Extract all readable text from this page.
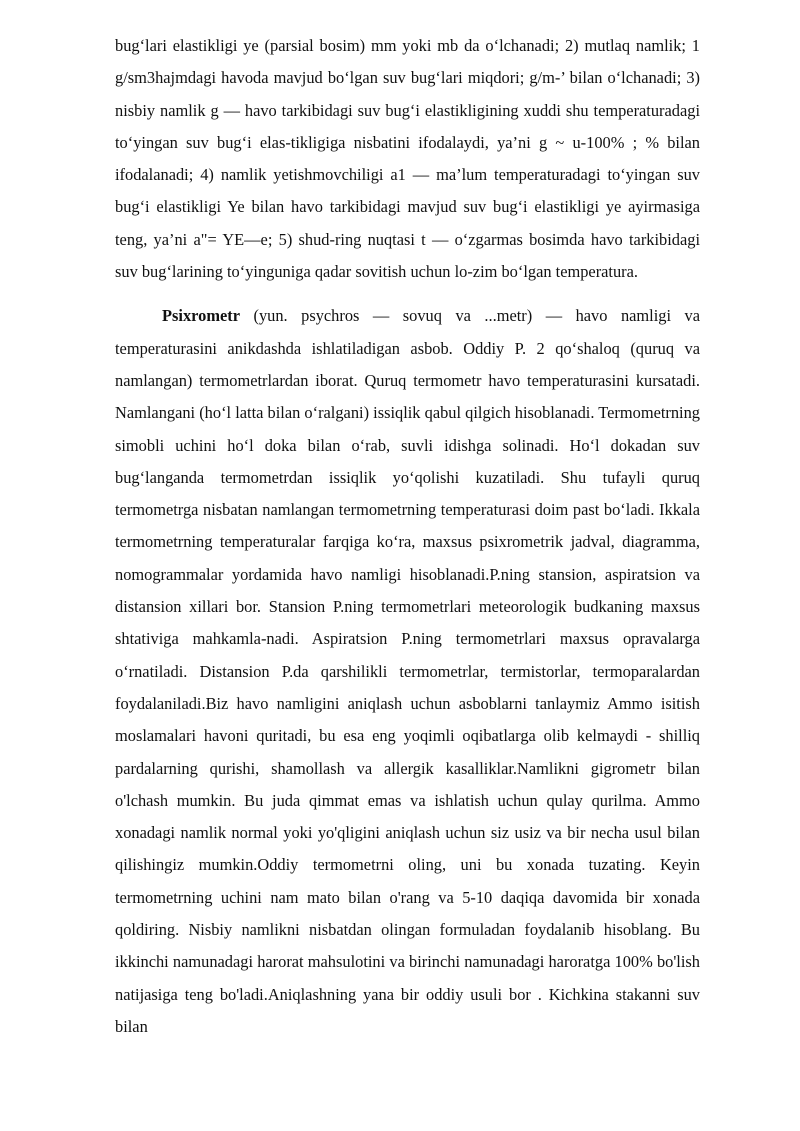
bug‘lari elastikligi ye (parsial bosim) mm yoki mb da o‘lchanadi; 2) mutlaq namlik; 1 g/sm3hajmdagi havoda mavjud bo‘lgan suv bug‘lari miqdori; g/m-’ bilan o‘lchanadi; 3) nisbiy namlik g — havo tarkibidagi suv bug‘i elastikligining xuddi shu temperaturadagi to‘yingan suv bug‘i elas-tikligiga nisbatini ifodalaydi, ya’ni g ~ u-100% ; % bilan ifodalanadi; 4) namlik yetishmovchiligi a1 — ma’lum temperaturadagi to‘yingan suv bug‘i elastikligi Ye bilan havo tarkibidagi mavjud suv bug‘i elastikligi ye ayirmasiga teng, ya’ni a"= YE—e; 5) shud-ring nuqtasi t — o‘zgarmas bosimda havo tarkibidagi suv bug‘larining to‘yinguniga qadar sovitish uchun lo-zim bo‘lgan temperatura.

Psixrometr (yun. psychros — sovuq va ...metr) — havo namligi va temperaturasini anikdashda ishlatiladigan asbob. Oddiy P. 2 qo‘shaloq (quruq va namlangan) termometrlardan iborat. Quruq termometr havo temperaturasini kursatadi. Namlangani (ho‘l latta bilan o‘ralgani) issiqlik qabul qilgich hisoblanadi. Termometrning simobli uchini ho‘l doka bilan o‘rab, suvli idishga solinadi. Ho‘l dokadan suv bug‘langanda termometrdan issiqlik yo‘qolishi kuzatiladi. Shu tufayli quruq termometrga nisbatan namlangan termometrning temperaturasi doim past bo‘ladi. Ikkala termometrning temperaturalar farqiga ko‘ra, maxsus psixrometrik jadval, diagramma, nomogrammalar yordamida havo namligi hisoblanadi.P.ning stansion, aspiratsion va distansion xillari bor. Stansion P.ning termometrlari meteorologik budkaning maxsus shtativiga mahkamla-nadi. Aspiratsion P.ning termometrlari maxsus opravalarga o‘rnatiladi. Distansion P.da qarshilikli termometrlar, termistorlar, termoparalardan foydalaniladi.Biz havo namligini aniqlash uchun asboblarni tanlaymiz Ammo isitish moslamalari havoni quritadi, bu esa eng yoqimli oqibatlarga olib kelmaydi - shilliq pardalarning qurishi, shamollash va allergik kasalliklar.Namlikni gigrometr bilan o'lchash mumkin. Bu juda qimmat emas va ishlatish uchun qulay qurilma. Ammo xonadagi namlik normal yoki yo'qligini aniqlash uchun siz usiz va bir necha usul bilan qilishingiz mumkin.Oddiy termometrni oling, uni bu xonada tuzating. Keyin termometrning uchini nam mato bilan o'rang va 5-10 daqiqa davomida bir xonada qoldiring. Nisbiy namlikni nisbatdan olingan formuladan foydalanib hisoblang. Bu ikkinchi namunadagi harorat mahsulotini va birinchi namunadagi haroratga 100% bo'lish natijasiga teng bo'ladi.Aniqlashning yana bir oddiy usuli bor . Kichkina stakanni suv bilan
